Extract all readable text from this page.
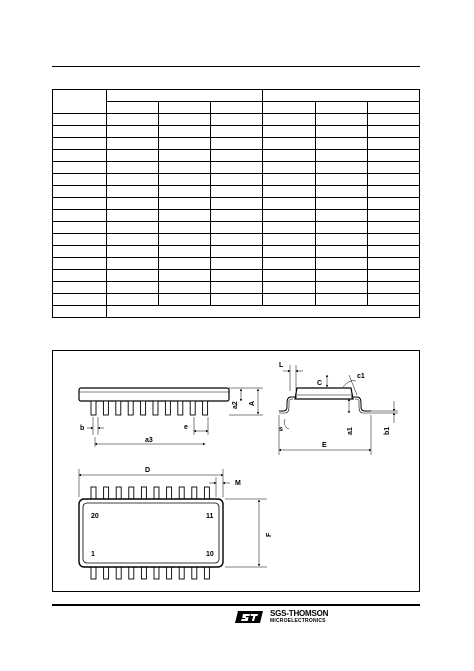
A
a2
b	e
a3
L
C
c1
s	a1	b1
E
20	11
1	10
D
M
F
SGS-THOMSON
MICROELECTRONICS
